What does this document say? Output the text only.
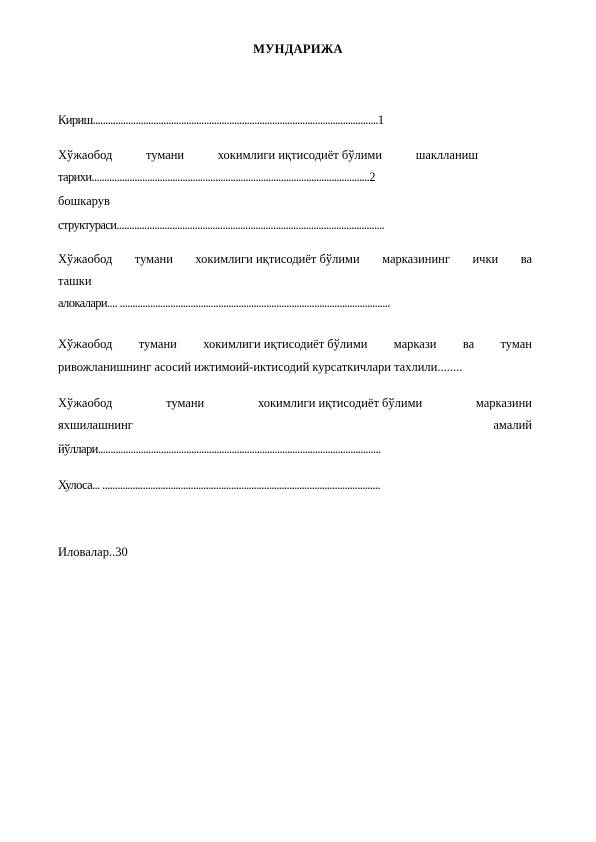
МУНДАРИЖА
Кириш.................................................................................................................1
Хўжаобод	тумани	хокимлиги иқтисодиёт бўлими	шаклланиш
тарихи..............................................................................................................2
бошкарув
структураси..........................................................................................................
Хўжаобод тумани хокимлиги иқтисодиёт бўлими марказининг ички ва
ташки
алокалари.... ...........................................................................................................
Хўжаобод тумани хокимлиги иқтисодиёт бўлими маркази ва туман
ривожланишнинг асосий ижтимоий-иктисодий курсаткичлари тахлили........
Хўжаобод	тумани	хокимлиги иқтисодиёт бўлими	марказини
яхшилашнинг	амалий
йўллари................................................................................................................
Хулоса... ..............................................................................................................
Иловалар..30
